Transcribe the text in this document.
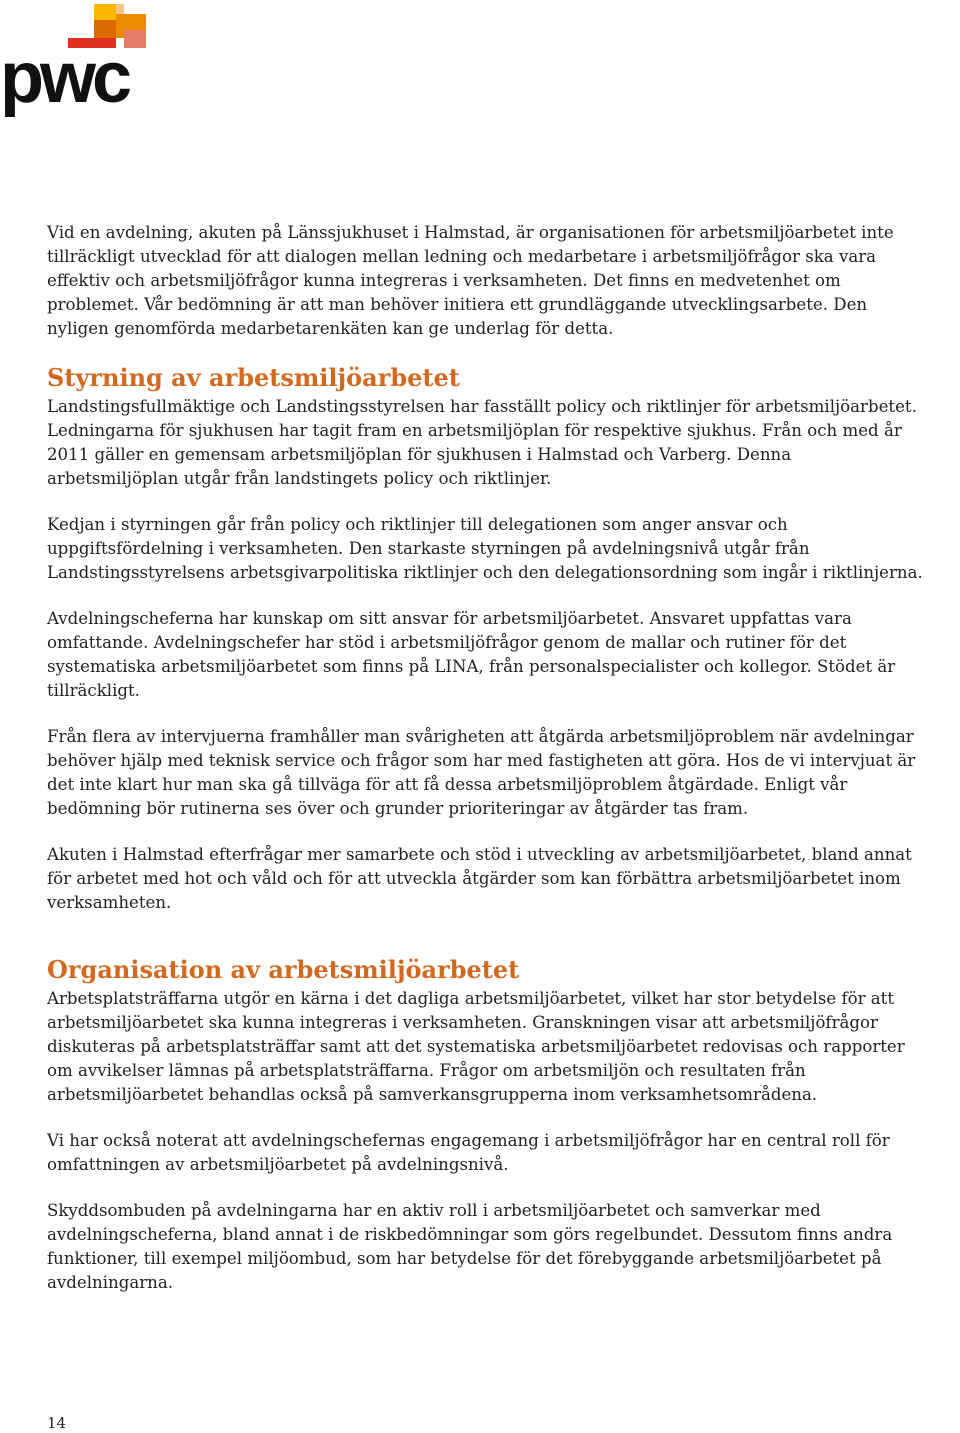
pwc

Vid en avdelning, akuten på Länssjukhuset i Halmstad, är organisationen för arbetsmiljöarbetet inte tillräckligt utvecklad för att dialogen mellan ledning och medarbetare i arbetsmiljöfrågor ska vara effektiv och arbetsmiljöfrågor kunna integreras i verksamheten. Det finns en medvetenhet om problemet. Vår bedömning är att man behöver initiera ett grundläggande utvecklingsarbete. Den nyligen genomförda medarbetarenkäten kan ge underlag för detta.

Styrning av arbetsmiljöarbetet

Landstingsfullmäktige och Landstingsstyrelsen har fasställt policy och riktlinjer för arbetsmiljöarbetet. Ledningarna för sjukhusen har tagit fram en arbetsmiljöplan för respektive sjukhus. Från och med år 2011 gäller en gemensam arbetsmiljöplan för sjukhusen i Halmstad och Varberg. Denna arbetsmiljöplan utgår från landstingets policy och riktlinjer.

Kedjan i styrningen går från policy och riktlinjer till delegationen som anger ansvar och uppgiftsfördelning i verksamheten. Den starkaste styrningen på avdelningsnivå utgår från Landstingsstyrelsens arbetsgivarpolitiska riktlinjer och den delegationsordning som ingår i riktlinjerna.

Avdelningscheferna har kunskap om sitt ansvar för arbetsmiljöarbetet. Ansvaret uppfattas vara omfattande. Avdelningschefer har stöd i arbetsmiljöfrågor genom de mallar och rutiner för det systematiska arbetsmiljöarbetet som finns på LINA, från personalspecialister och kollegor. Stödet är tillräckligt.

Från flera av intervjuerna framhåller man svårigheten att åtgärda arbetsmiljöproblem när avdelningar behöver hjälp med teknisk service och frågor som har med fastigheten att göra. Hos de vi intervjuat är det inte klart hur man ska gå tillväga för att få dessa arbetsmiljöproblem åtgärdade. Enligt vår bedömning bör rutinerna ses över och grunder prioriteringar av åtgärder tas fram.

Akuten i Halmstad efterfrågar mer samarbete och stöd i utveckling av arbetsmiljöarbetet, bland annat för arbetet med hot och våld och för att utveckla åtgärder som kan förbättra arbetsmiljöarbetet inom verksamheten.

Organisation av arbetsmiljöarbetet

Arbetsplatsträffarna utgör en kärna i det dagliga arbetsmiljöarbetet, vilket har stor betydelse för att arbetsmiljöarbetet ska kunna integreras i verksamheten. Granskningen visar att arbetsmiljöfrågor diskuteras på arbetsplatsträffar samt att det systematiska arbetsmiljöarbetet redovisas och rapporter om avvikelser lämnas på arbetsplatsträffarna. Frågor om arbetsmiljön och resultaten från arbetsmiljöarbetet behandlas också på samverkansgrupperna inom verksamhetsområdena.

Vi har också noterat att avdelningschefernas engagemang i arbetsmiljöfrågor har en central roll för omfattningen av arbetsmiljöarbetet på avdelningsnivå.

Skyddsombuden på avdelningarna har en aktiv roll i arbetsmiljöarbetet och samverkar med avdelningscheferna, bland annat i de riskbedömningar som görs regelbundet. Dessutom finns andra funktioner, till exempel miljöombud, som har betydelse för det förebyggande arbetsmiljöarbetet på avdelningarna.

14
